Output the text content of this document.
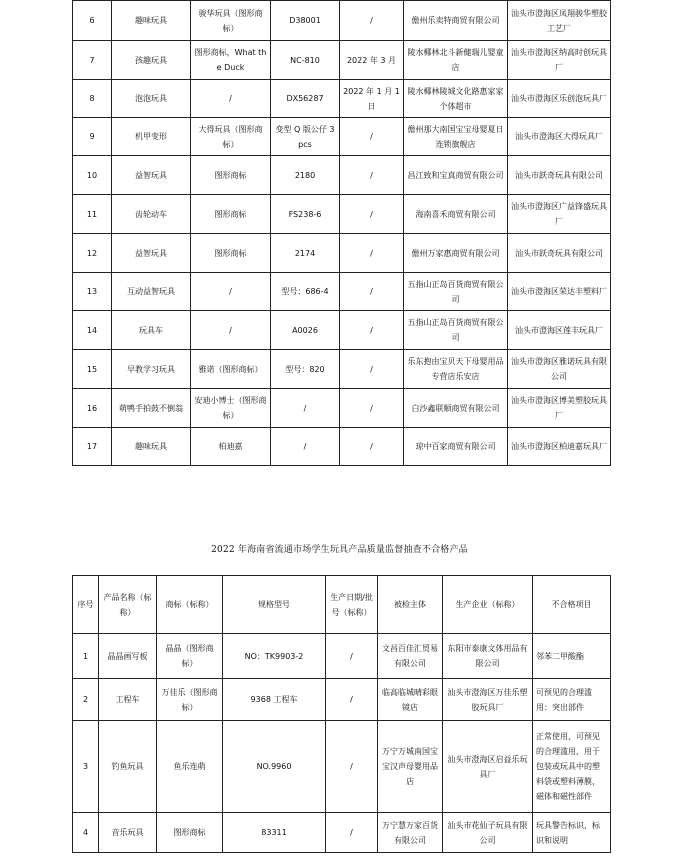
6	趣味玩具	骏华玩具（图形商标）	D38001	/	儋州乐卖特商贸有限公司	汕头市澄海区凤翔骏华塑胶工艺厂
7	孩趣玩具	图形商标，What the Duck	NC-810	2022 年 3 月	陵水椰林北斗新健瑞儿婴童店	汕头市澄海区纳高时创玩具厂
8	泡泡玩具	/	DX56287	2022 年 1 月 1 日	陵水椰林陵城文化路惠家家个体超市	汕头市澄海区乐创泡玩具厂
9	机甲变形	大得玩具（图形商标）	变型 Q 版公仔 3pcs	/	儋州那大南国宝宝母婴夏日连锁旗舰店	汕头市澄海区大得玩具厂
10	益智玩具	图形商标	2180	/	昌江致和宝真商贸有限公司	汕头市跃奇玩具有限公司
11	齿轮动车	图形商标	FS238-6	/	海南喜禾商贸有限公司	汕头市澄海区广益锋盛玩具厂
12	益智玩具	图形商标	2174	/	儋州万家惠商贸有限公司	汕头市跃奇玩具有限公司
13	互动益智玩具	/	型号：686-4	/	五指山正岛百货商贸有限公司	汕头市澄海区荣达丰塑料厂
14	玩具车	/	A0026	/	五指山正岛百货商贸有限公司	汕头市澄海区莲丰玩具厂
15	早教学习玩具	雅诺（图形商标）	型号：820	/	乐东抱由宝贝天下母婴用品专营店乐安店	汕头市澄海区雅诺玩具有限公司
16	萌鸭手拍鼓不倒翁	安迪小博士（图形商标）	/	/	白沙鑫联顺商贸有限公司	汕头市澄海区博美塑胶玩具厂
17	趣味玩具	柏迪嘉	/	/	琼中百家商贸有限公司	汕头市澄海区柏迪嘉玩具厂
2022 年海南省流通市场学生玩具产品质量监督抽查不合格产品
序号	产品名称（标称）	商标（标称）	规格型号	生产日期/批号（标称）	被检主体	生产企业（标称）	不合格项目
1	晶晶画写板	晶晶（图形商标）	NO：TK9903-2	/	文昌百佳汇贸易有限公司	东阳市泰康文体用品有限公司	邻苯二甲酸酯
2	工程车	万佳乐（图形商标）	9368 工程车	/	临高临城晴彩眼镜店	汕头市澄海区万佳乐塑胶玩具厂	可预见的合理滥用：突出部件
3	钓鱼玩具	鱼乐连萌	NO.9960	/	万宁万城南国宝宝汉声母婴用品店	汕头市澄海区启益乐玩具厂	正常使用，可预见的合理滥用，用于包装或玩具中的塑料袋或塑料薄膜，磁体和磁性部件
4	音乐玩具	图形商标	83311	/	万宁慧万家百货有限公司	汕头市花仙子玩具有限公司	玩具警告标识，标识和说明
